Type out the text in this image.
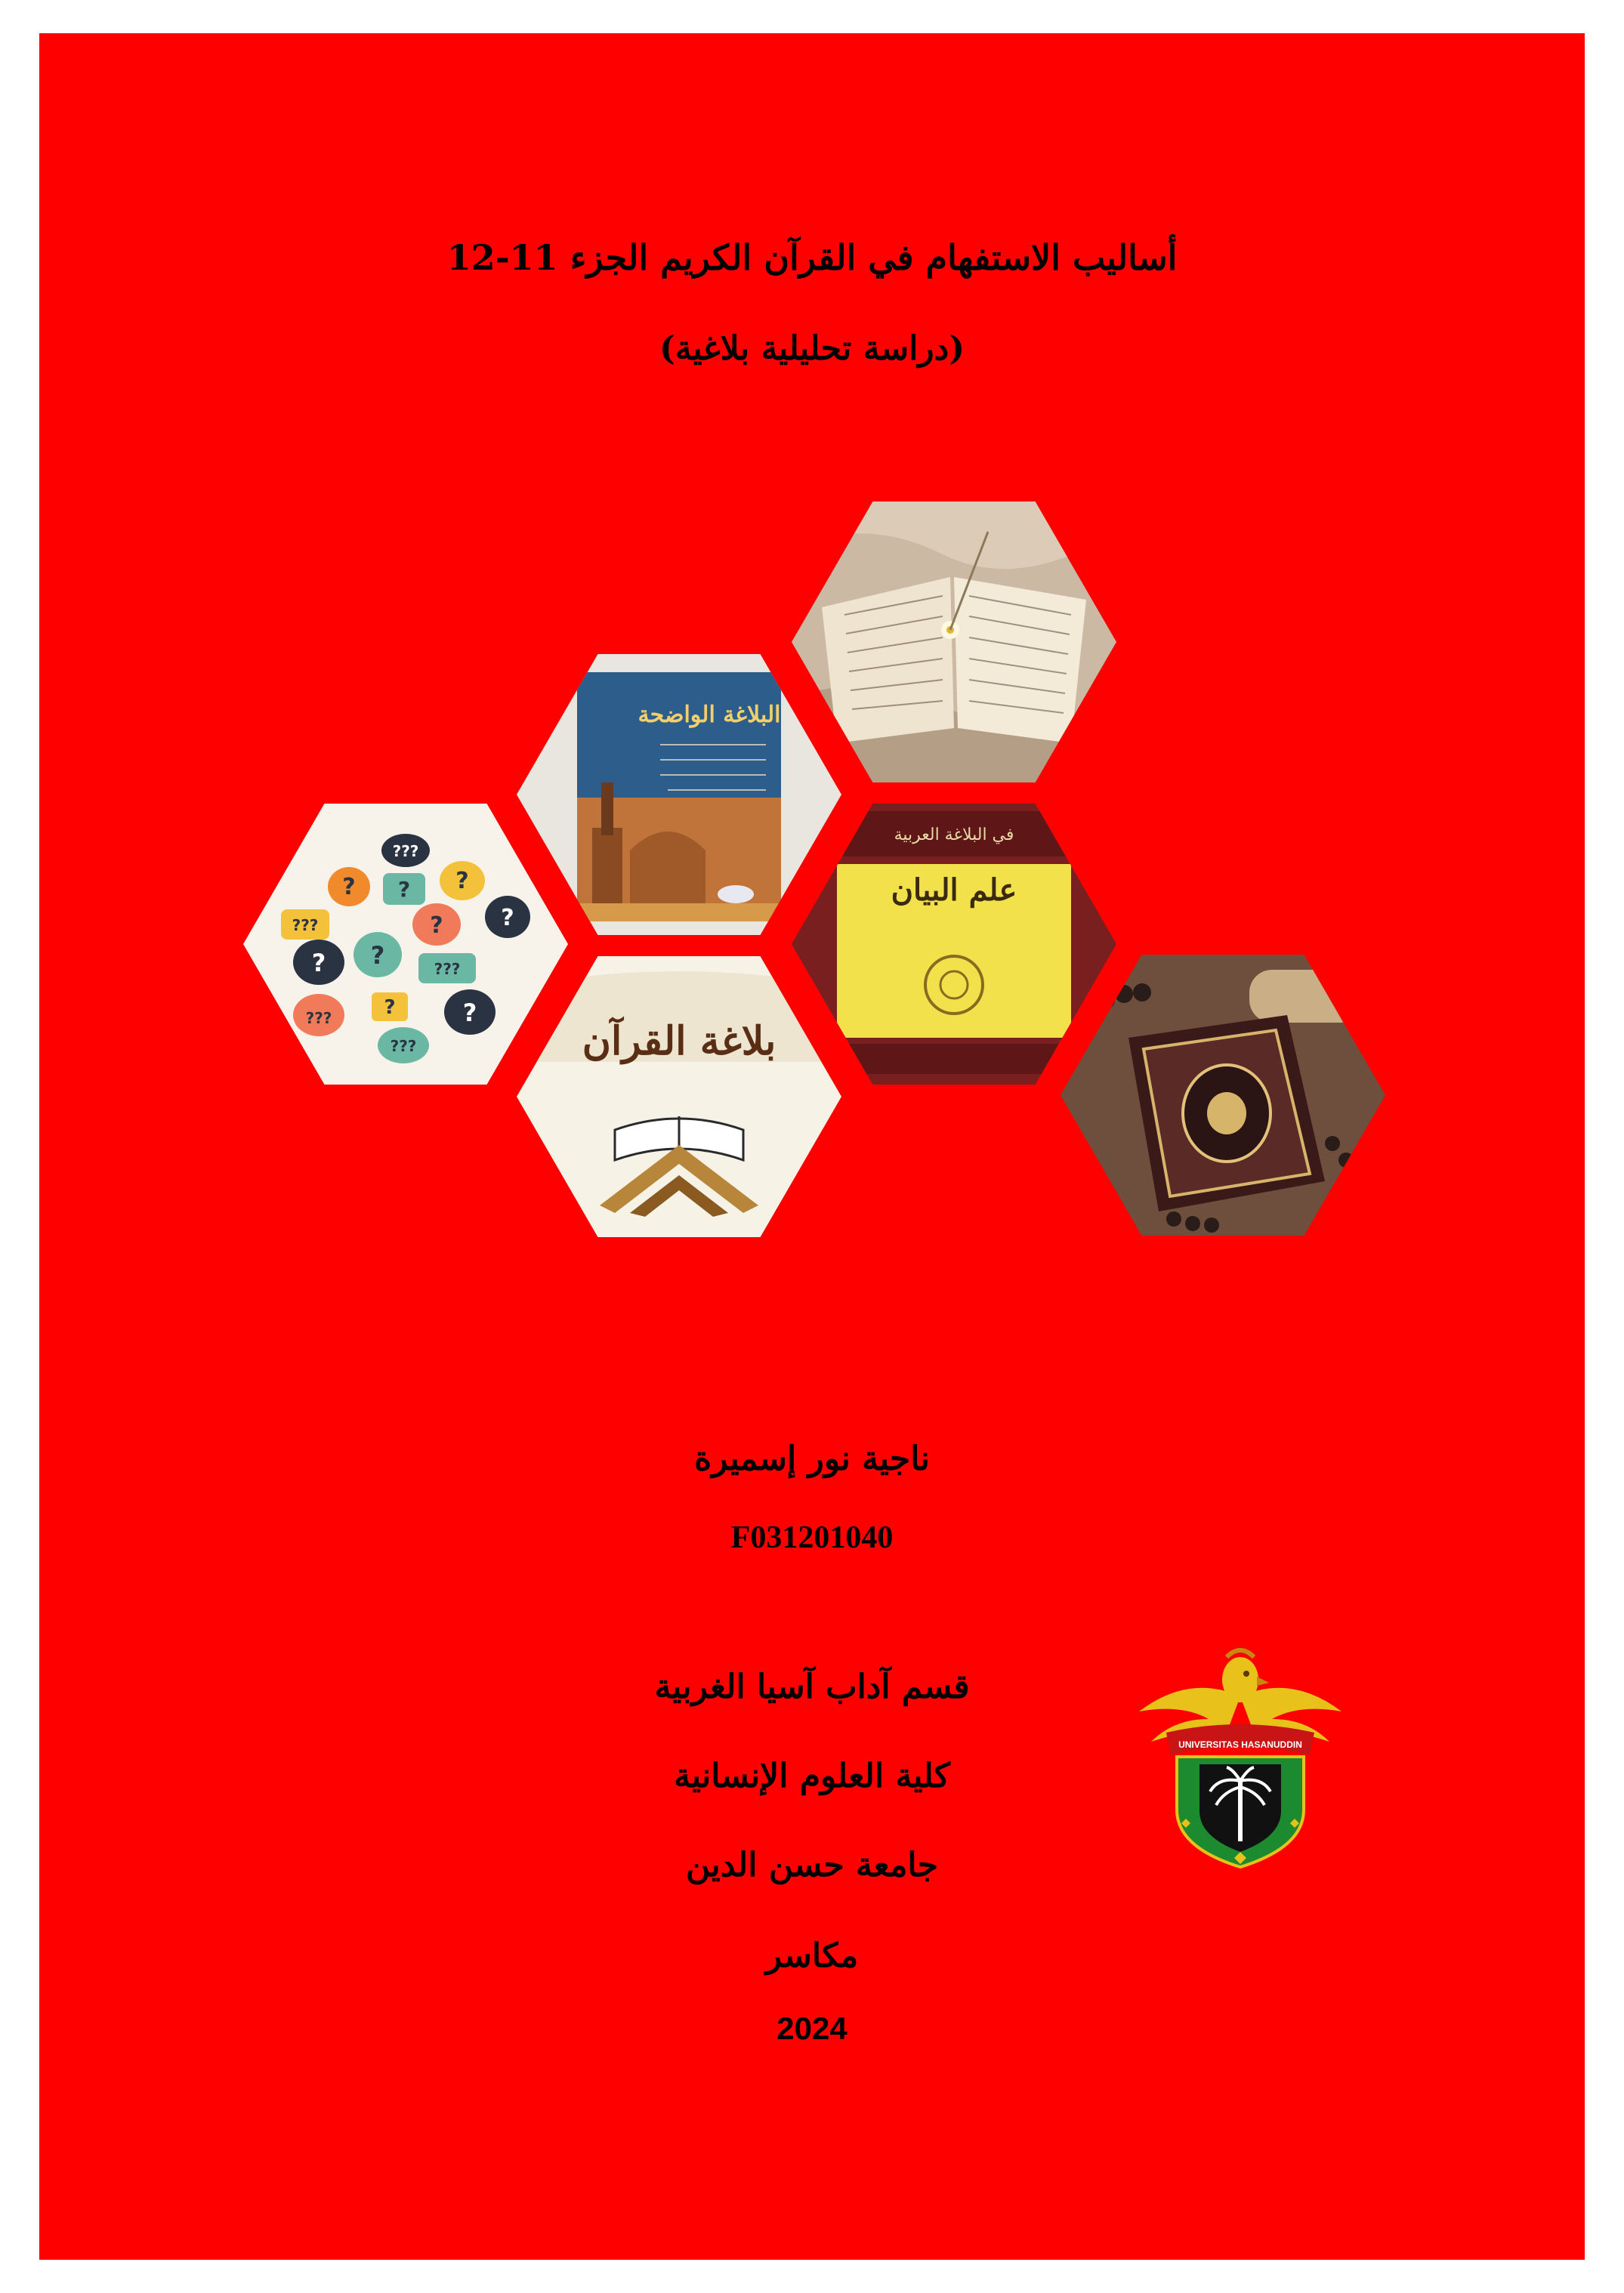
أساليب الاستفهام في القرآن الكريم الجزء 11-12
(دراسة تحليلية بلاغية)
البلاغة الواضحة
???
? ? ?
???	?	?
? ?	???
???	?	?
???
في البلاغة العربية
علم البيان
بلاغة القرآن
ناجية نور إسميرة
F031201040
قسم آداب آسيا الغربية
كلية العلوم الإنسانية
جامعة حسن الدين
مكاسر
2024
UNIVERSITAS HASANUDDIN
